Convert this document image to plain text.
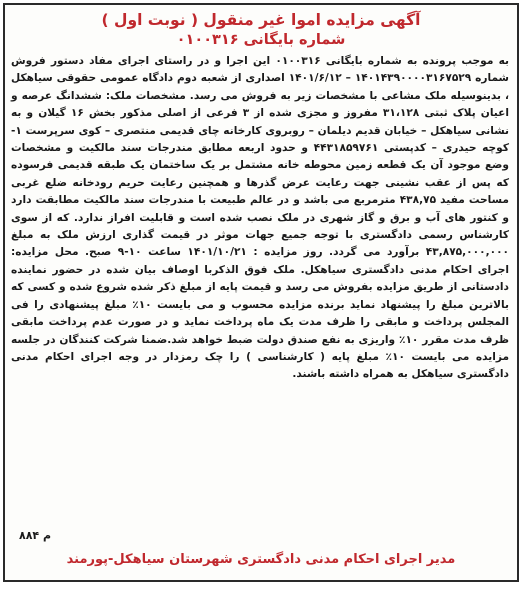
آگهی مزایده اموا غیر منقول ( نوبت اول )
شماره بایگانی ۰۱۰۰۳۱۶

به موجب پرونده به شماره بایگانی ۰۱۰۰۳۱۶ این اجرا و در راستای اجرای مفاد دستور فروش شماره ۱۴۰۱۴۳۹۰۰۰۰۳۱۶۷۵۲۹ – ۱۴۰۱/۶/۱۲ اصداری از شعبه دوم دادگاه عمومی حقوقی سیاهکل ، بدینوسیله ملک مشاعی با مشخصات زیر به فروش می رسد. مشخصات ملک: ششدانگ عرصه و اعیان پلاک ثبتی ۳۱،۱۲۸ مفروز و مجزی شده از ۳ فرعی از اصلی مذکور بخش ۱۶ گیلان و به نشانی سیاهکل – خیابان قدیم دیلمان – روبروی کارخانه چای قدیمی منتصری – کوی سرپرست ۱- کوچه حیدری – کدپستی ۴۴۳۱۸۵۹۷۶۱ و حدود اربعه مطابق مندرجات سند مالکیت و مشخصات وضع موجود آن یک قطعه زمین محوطه خانه مشتمل بر یک ساختمان یک طبقه قدیمی فرسوده که پس از عقب نشینی جهت رعایت عرض گذرها و همچنین رعایت حریم رودخانه ضلع غربی مساحت مفید ۴۳۸,۷۵ مترمربع می باشد و در عالم طبیعت با مندرجات سند مالکیت مطابقت دارد و کنتور های آب و برق و گاز شهری در ملک نصب شده است و قابلیت افراز ندارد. که از سوی کارشناس رسمی دادگستری با توجه جمیع جهات موثر در قیمت گذاری ارزش ملک به مبلغ ۴۳,۸۷۵,۰۰۰,۰۰۰ برآورد می گردد. روز مزایده : ۱۴۰۱/۱۰/۲۱ ساعت ۱۰-۹ صبح. محل مزایده: اجرای احکام مدنی دادگستری سیاهکل. ملک فوق الذکربا اوصاف بیان شده در حضور نماینده دادستانی از طریق مزایده بفروش می رسد و قیمت پایه از مبلغ ذکر شده شروع شده و کسی که بالاترین مبلغ را پیشنهاد نماید برنده مزایده محسوب و می بایست ۱۰٪ مبلغ پیشنهادی را فی المجلس پرداخت و مابقی را ظرف مدت یک ماه پرداخت نماید و در صورت عدم پرداخت مابقی ظرف مدت مقرر ۱۰٪ واریزی به نفع صندق دولت ضبط خواهد شد.ضمنا شرکت کنندگان در جلسه مزایده می بایست ۱۰٪ مبلغ پایه ( کارشناسی ) را چک رمزدار در وجه اجرای احکام مدنی دادگستری سیاهکل به همراه داشته باشند.

م ۸۸۴
مدیر اجرای احکام مدنی دادگستری شهرستان سیاهکل-پورمند
